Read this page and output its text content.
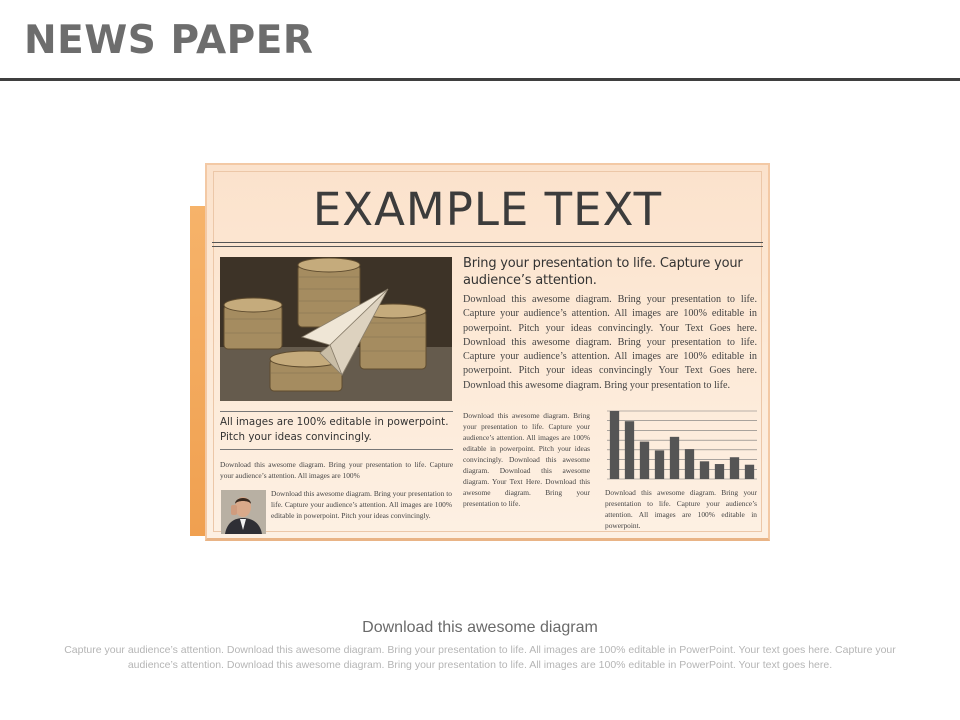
NEWS PAPER
EXAMPLE TEXT
Bring your presentation to life. Capture your audience’s attention.
Download this awesome diagram. Bring your presentation to life. Capture your audience’s attention. All images are 100% editable in powerpoint. Pitch your ideas convincingly. Your Text Goes here. Download this awesome diagram. Bring your presentation to life. Capture your audience’s attention. All images are 100% editable in powerpoint. Pitch your ideas convincingly Your Text Goes here. Download this awesome diagram. Bring your presentation to life.
All images are 100% editable in powerpoint. Pitch your ideas convincingly.
Download this awesome diagram. Bring your presentation to life. Capture your audience’s attention. All images are 100%
Download this awesome diagram. Bring your presentation to life. Capture your audience’s attention. All images are 100% editable in powerpoint. Pitch your ideas convincingly.
Download this awesome diagram. Bring your presentation to life. Capture your audience’s attention. All images are 100% editable in powerpoint. Pitch your ideas convincingly. Download this awesome diagram. Download this awesome diagram. Your Text Here. Download this awesome diagram. Bring your presentation to life.
Download this awesome diagram. Bring your presentation to life. Capture your audience’s attention. All images are 100% editable in powerpoint.

Download this awesome diagram

Capture your audience’s attention. Download this awesome diagram. Bring your presentation to life. All images are 100% editable in PowerPoint. Your text goes here. Capture your audience’s attention. Download this awesome diagram. Bring your presentation to life. All images are 100% editable in PowerPoint. Your text goes here.
